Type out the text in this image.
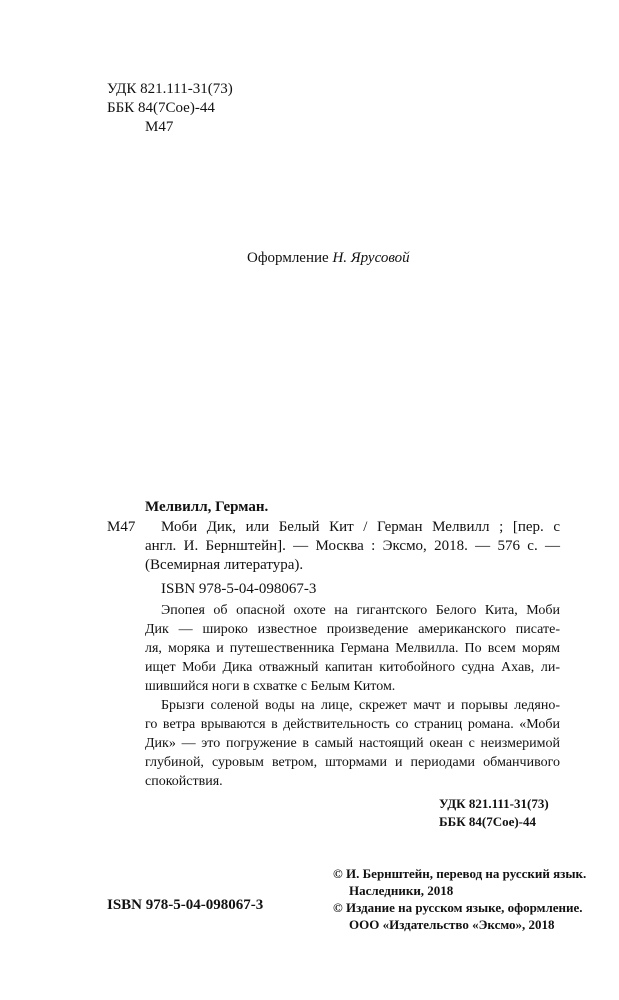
УДК 821.111-31(73)
ББК 84(7Сое)-44
М47
Оформление Н. Ярусовой
Мелвилл, Герман.
М47 Моби Дик, или Белый Кит / Герман Мелвилл ; [пер. с
англ. И. Бернштейн]. — Москва : Эксмо, 2018. — 576 с. —
(Всемирная литература).
ISBN 978-5-04-098067-3
Эпопея об опасной охоте на гигантского Белого Кита, Моби
Дик — широко известное произведение американского писате-
ля, моряка и путешественника Германа Мелвилла. По всем морям
ищет Моби Дика отважный капитан китобойного судна Ахав, ли-
шившийся ноги в схватке с Белым Китом.
Брызги соленой воды на лице, скрежет мачт и порывы ледяно-
го ветра врываются в действительность со страниц романа. «Моби
Дик» — это погружение в самый настоящий океан с неизмеримой
глубиной, суровым ветром, штормами и периодами обманчивого
спокойствия.
УДК 821.111-31(73)
ББК 84(7Сое)-44
ISBN 978-5-04-098067-3
© И. Бернштейн, перевод на русский язык.
Наследники, 2018
© Издание на русском языке, оформление.
ООО «Издательство «Эксмо», 2018
